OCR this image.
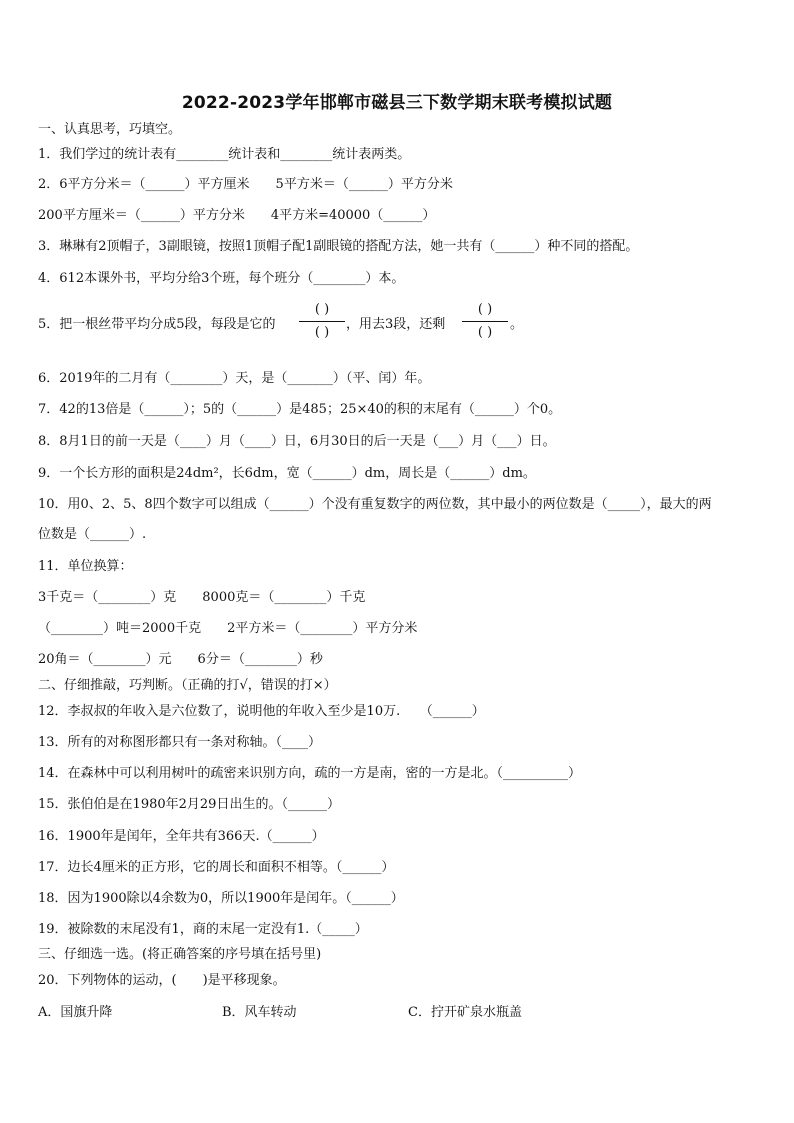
2022-2023学年邯郸市磁县三下数学期末联考模拟试题
一、认真思考，巧填空。
1．我们学过的统计表有________统计表和________统计表两类。
2．6平方分米＝（______）平方厘米　　5平方米＝（______）平方分米
200平方厘米＝（______）平方分米　　4平方米=40000（______）
3．琳琳有2顶帽子，3副眼镜，按照1顶帽子配1副眼镜的搭配方法，她一共有（______）种不同的搭配。
4．612本课外书，平均分给3个班，每个班分（________）本。
5．把一根丝带平均分成5段，每段是它的
( )
( )
，用去3段，还剩
( )
( )
。
6．2019年的二月有（________）天，是（_______）（平、闰）年。
7．42的13倍是（______）；5的（______）是485；25×40的积的末尾有（______）个0。
8．8月1日的前一天是（____）月（____）日，6月30日的后一天是（___）月（___）日。
9．一个长方形的面积是24dm²，长6dm，宽（______）dm，周长是（______）dm。
10．用0、2、5、8四个数字可以组成（______）个没有重复数字的两位数，其中最小的两位数是（_____），最大的两
位数是（______）.
11．单位换算：
3千克＝（________）克　　8000克＝（________）千克
（________）吨＝2000千克　　2平方米＝（________）平方分米
20角＝（________）元　　6分＝（________）秒
二、仔细推敲，巧判断。（正确的打√，错误的打×）
12．李叔叔的年收入是六位数了，说明他的年收入至少是10万.　　（______）
13．所有的对称图形都只有一条对称轴。（____）
14．在森林中可以利用树叶的疏密来识别方向，疏的一方是南，密的一方是北。（__________）
15．张伯伯是在1980年2月29日出生的。（______）
16．1900年是闰年，全年共有366天.（______）
17．边长4厘米的正方形，它的周长和面积不相等。（______）
18．因为1900除以4余数为0，所以1900年是闰年。（______）
19．被除数的末尾没有1，商的末尾一定没有1.（_____）
三、仔细选一选。(将正确答案的序号填在括号里)
20．下列物体的运动，(　　)是平移现象。
A．国旗升降	B．风车转动	C．拧开矿泉水瓶盖
